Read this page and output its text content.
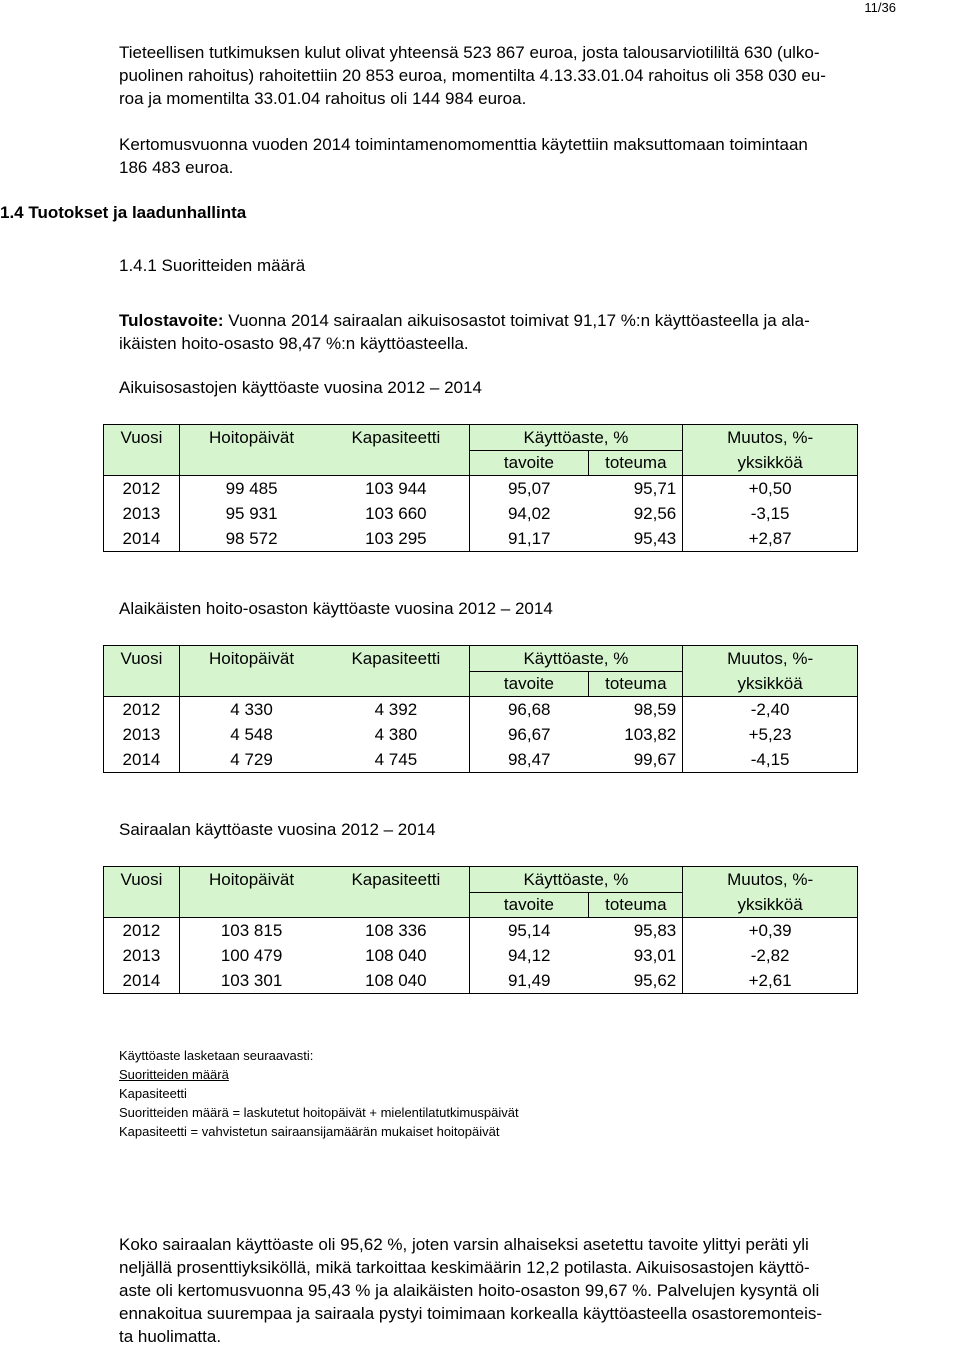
11/36
Tieteellisen tutkimuksen kulut olivat yhteensä 523 867 euroa, josta talousarviotililtä 630 (ulko-
puolinen rahoitus) rahoitettiin 20 853 euroa, momentilta 4.13.33.01.04 rahoitus oli 358 030 eu-
roa ja momentilta 33.01.04 rahoitus oli 144 984 euroa.
Kertomusvuonna vuoden 2014 toimintamenomomenttia käytettiin maksuttomaan toimintaan
186 483 euroa.
1.4 Tuotokset ja laadunhallinta
1.4.1 Suoritteiden määrä
Tulostavoite: Vuonna 2014 sairaalan aikuisosastot toimivat 91,17 %:n käyttöasteella ja ala-
ikäisten hoito-osasto 98,47 %:n käyttöasteella.
Aikuisosastojen käyttöaste vuosina 2012 – 2014
Vuosi	Hoitopäivät	Kapasiteetti	Käyttöaste, %		Muutos, %-
			tavoite	toteuma	yksikköä
2012	99 485	103 944	95,07	95,71	+0,50
2013	95 931	103 660	94,02	92,56	-3,15
2014	98 572	103 295	91,17	95,43	+2,87
Alaikäisten hoito-osaston käyttöaste vuosina 2012 – 2014
Vuosi	Hoitopäivät	Kapasiteetti	Käyttöaste, %		Muutos, %-
			tavoite	toteuma	yksikköä
2012	4 330	4 392	96,68	98,59	-2,40
2013	4 548	4 380	96,67	103,82	+5,23
2014	4 729	4 745	98,47	99,67	-4,15
Sairaalan käyttöaste vuosina 2012 – 2014
Vuosi	Hoitopäivät	Kapasiteetti	Käyttöaste, %		Muutos, %-
			tavoite	toteuma	yksikköä
2012	103 815	108 336	95,14	95,83	+0,39
2013	100 479	108 040	94,12	93,01	-2,82
2014	103 301	108 040	91,49	95,62	+2,61
Käyttöaste lasketaan seuraavasti:
Suoritteiden määrä
Kapasiteetti
Suoritteiden määrä = laskutetut hoitopäivät + mielentilatutkimuspäivät
Kapasiteetti = vahvistetun sairaansijamäärän mukaiset hoitopäivät
Koko sairaalan käyttöaste oli 95,62 %, joten varsin alhaiseksi asetettu tavoite ylittyi peräti yli
neljällä prosenttiyksiköllä, mikä tarkoittaa keskimäärin 12,2 potilasta. Aikuisosastojen käyttö-
aste oli kertomusvuonna 95,43 % ja alaikäisten hoito-osaston 99,67 %. Palvelujen kysyntä oli
ennakoitua suurempaa ja sairaala pystyi toimimaan korkealla käyttöasteella osastoremonteis-
ta huolimatta.
